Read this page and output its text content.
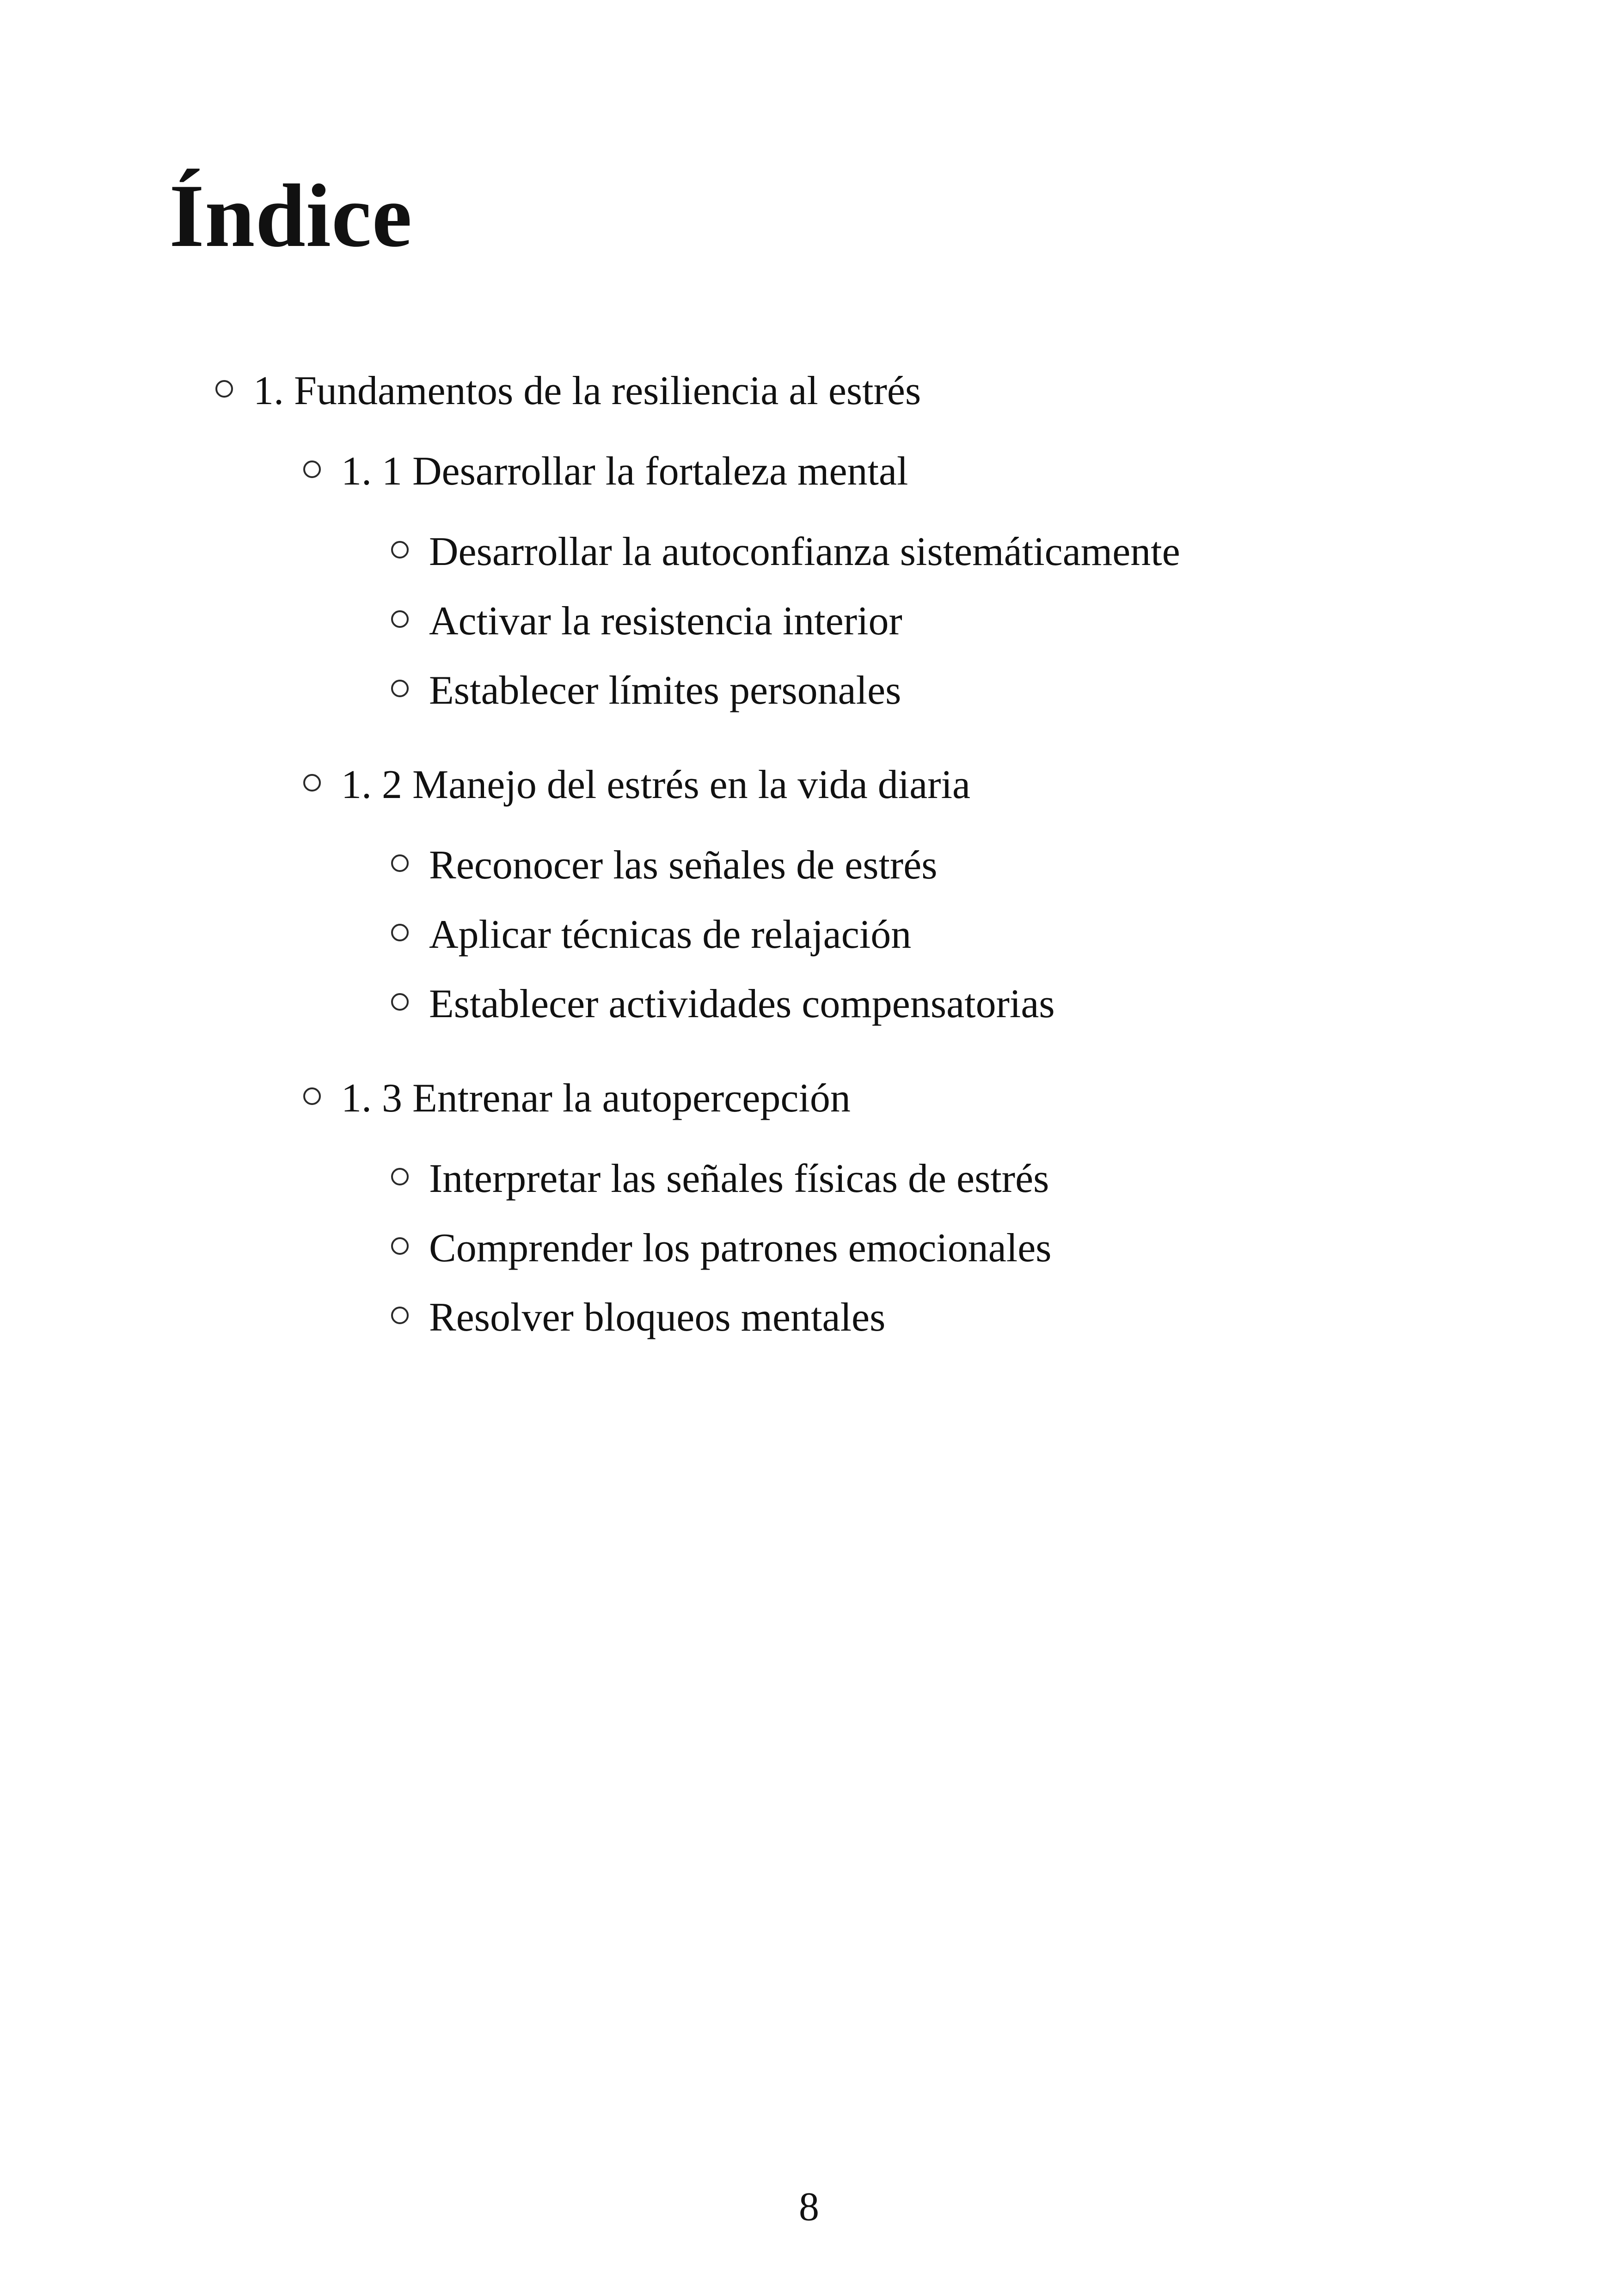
Índice
1. Fundamentos de la resiliencia al estrés
1. 1 Desarrollar la fortaleza mental
Desarrollar la autoconfianza sistemáticamente
Activar la resistencia interior
Establecer límites personales
1. 2 Manejo del estrés en la vida diaria
Reconocer las señales de estrés
Aplicar técnicas de relajación
Establecer actividades compensatorias
1. 3 Entrenar la autopercepción
Interpretar las señales físicas de estrés
Comprender los patrones emocionales
Resolver bloqueos mentales
8
